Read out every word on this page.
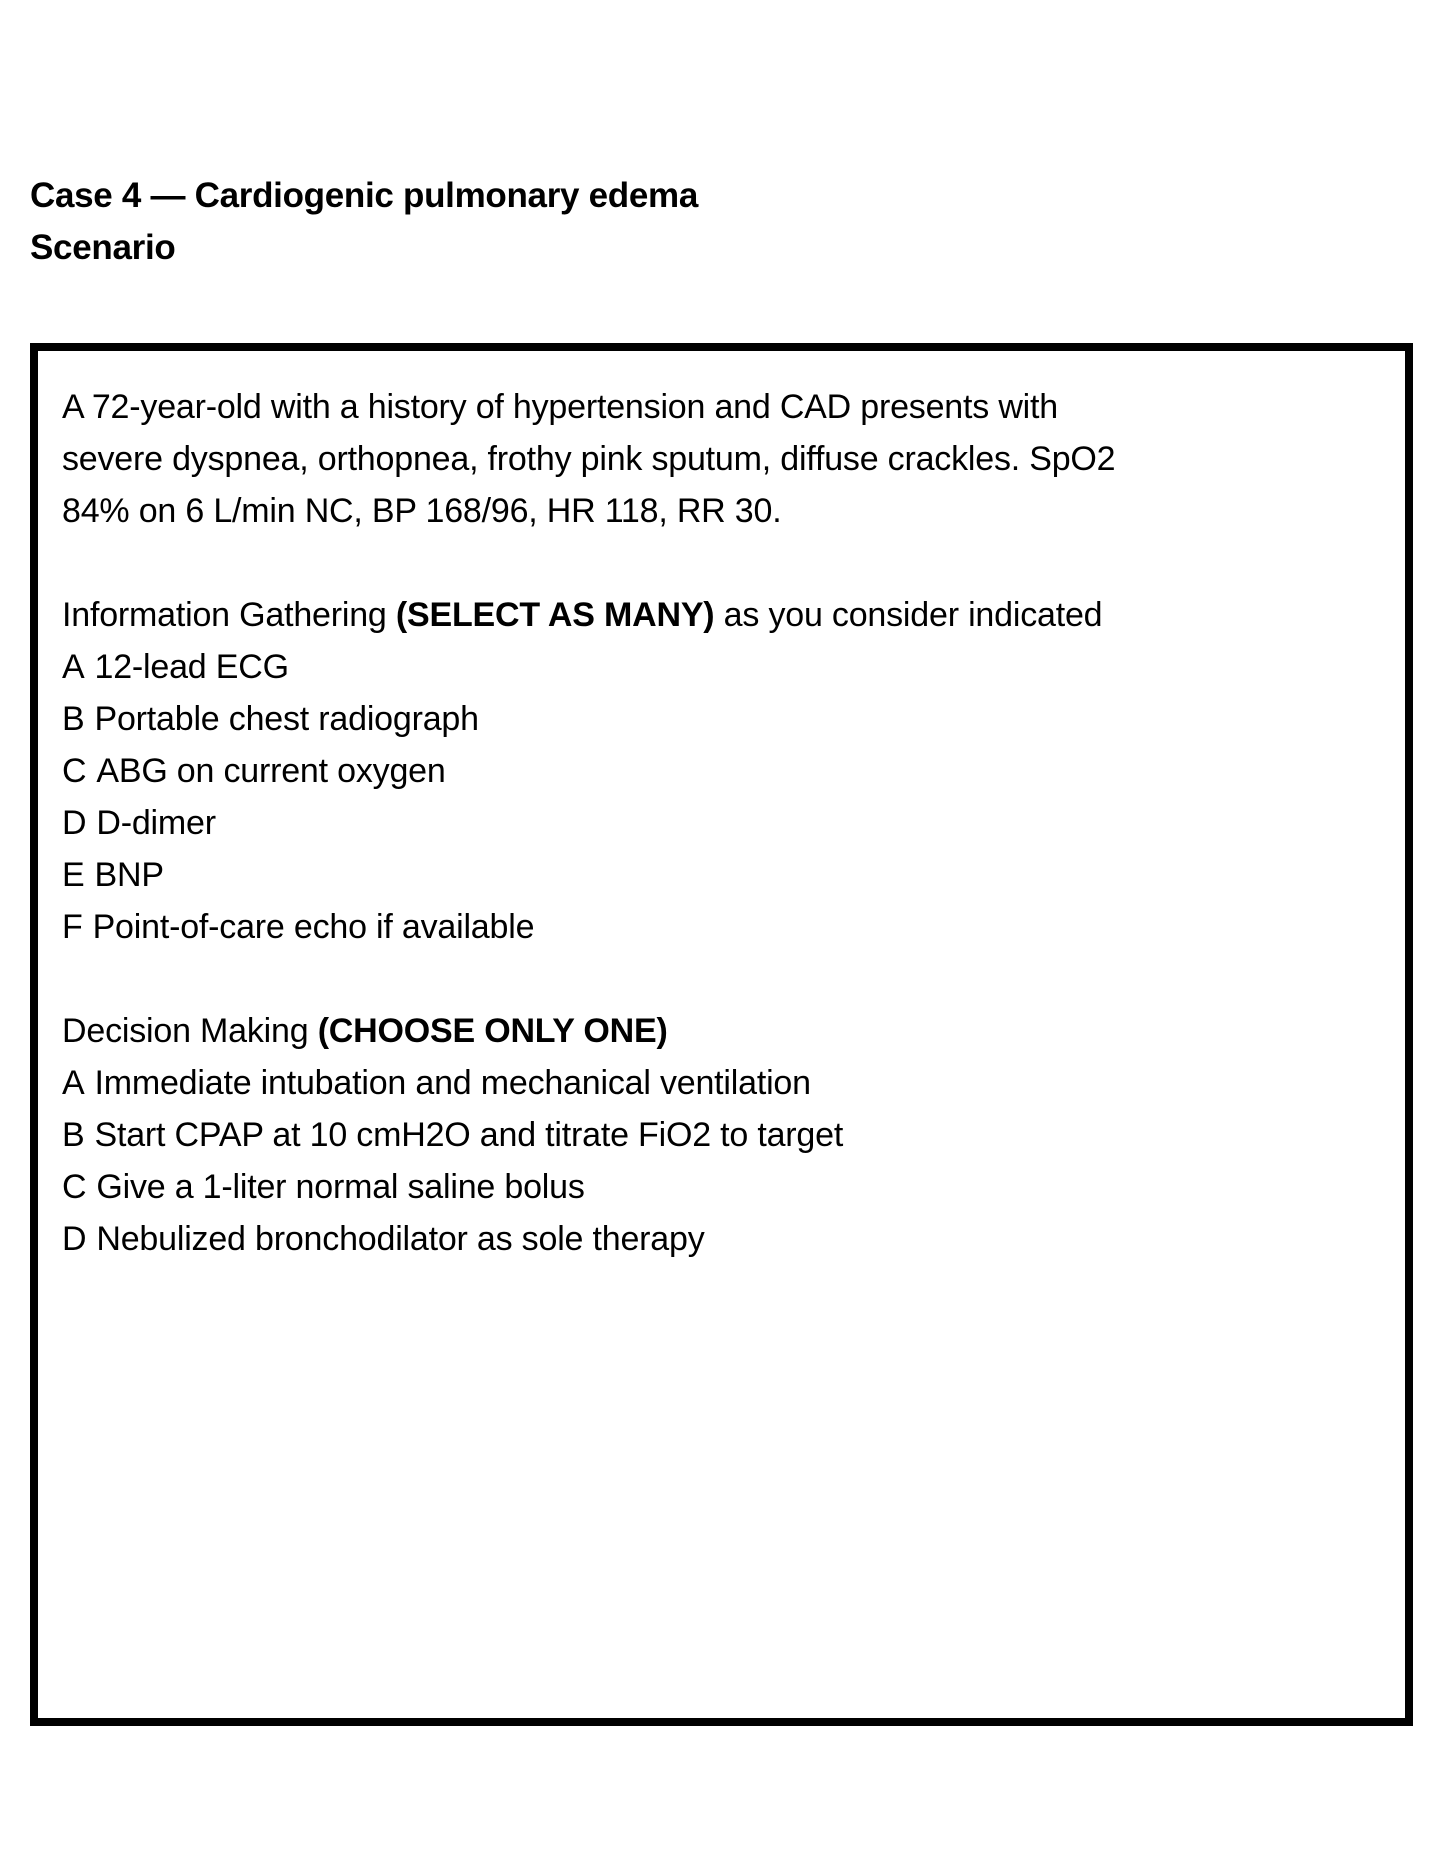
Case 4 — Cardiogenic pulmonary edema
Scenario
A 72-year-old with a history of hypertension and CAD presents with
severe dyspnea, orthopnea, frothy pink sputum, diffuse crackles. SpO2
84% on 6 L/min NC, BP 168/96, HR 118, RR 30.
Information Gathering (SELECT AS MANY) as you consider indicated
A 12-lead ECG
B Portable chest radiograph
C ABG on current oxygen
D D-dimer
E BNP
F Point-of-care echo if available
Decision Making (CHOOSE ONLY ONE)
A Immediate intubation and mechanical ventilation
B Start CPAP at 10 cmH2O and titrate FiO2 to target
C Give a 1-liter normal saline bolus
D Nebulized bronchodilator as sole therapy
